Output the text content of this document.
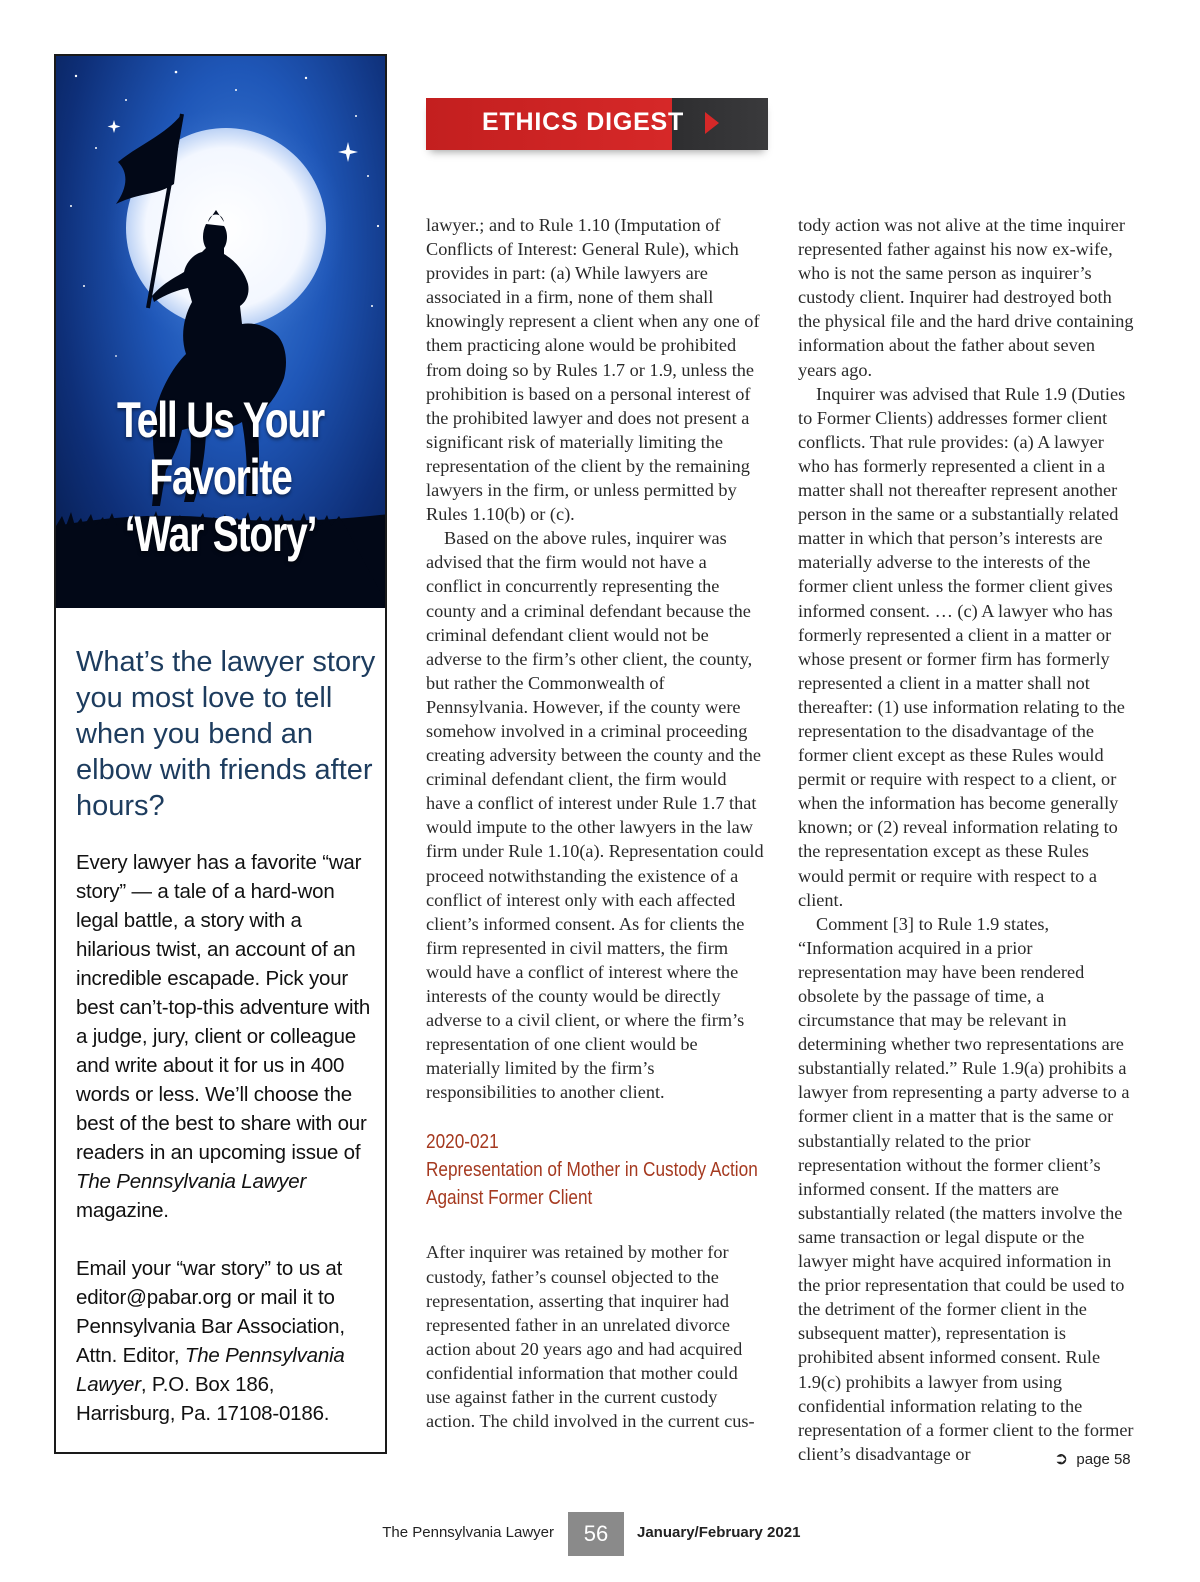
Tell Us Your
Favorite
‘War Story’
What’s the lawyer story you most love to tell when you bend an elbow with friends after hours?

Every lawyer has a favorite “war story” — a tale of a hard-won legal battle, a story with a hilarious twist, an account of an incredible escapade. Pick your best can’t-top-this adventure with a judge, jury, client or colleague and write about it for us in 400 words or less. We’ll choose the best of the best to share with our readers in an upcoming issue of The Pennsylvania Lawyer magazine.

Email your “war story” to us at editor@pabar.org or mail it to Pennsylvania Bar Association, Attn. Editor, The Pennsylvania Lawyer, P.O. Box 186, Harrisburg, Pa. 17108-0186.

ETHICS DIGEST

lawyer.; and to Rule 1.10 (Imputation of Conflicts of Interest: General Rule), which provides in part: (a) While lawyers are associated in a firm, none of them shall knowingly represent a client when any one of them practicing alone would be prohibited from doing so by Rules 1.7 or 1.9, unless the prohibition is based on a personal interest of the prohibited lawyer and does not present a significant risk of materially limiting the representation of the client by the remaining lawyers in the firm, or unless permitted by Rules 1.10(b) or (c).

Based on the above rules, inquirer was advised that the firm would not have a conflict in concurrently representing the county and a criminal defendant because the criminal defendant client would not be adverse to the firm’s other client, the county, but rather the Commonwealth of Pennsylvania. However, if the county were somehow involved in a criminal proceeding creating adversity between the county and the criminal defendant client, the firm would have a conflict of interest under Rule 1.7 that would impute to the other lawyers in the law firm under Rule 1.10(a). Representation could proceed notwithstanding the existence of a conflict of interest only with each affected client’s informed consent. As for clients the firm represented in civil matters, the firm would have a conflict of interest where the interests of the county would be directly adverse to a civil client, or where the firm’s representation of one client would be materially limited by the firm’s responsibilities to another client.

2020-021
Representation of Mother in Custody Action
Against Former Client

After inquirer was retained by mother for custody, father’s counsel objected to the representation, asserting that inquirer had represented father in an unrelated divorce action about 20 years ago and had acquired confidential information that mother could use against father in the current custody action. The child involved in the current cus-

tody action was not alive at the time inquirer represented father against his now ex-wife, who is not the same person as inquirer’s custody client. Inquirer had destroyed both the physical file and the hard drive containing information about the father about seven years ago.

Inquirer was advised that Rule 1.9 (Duties to Former Clients) addresses former client conflicts. That rule provides: (a) A lawyer who has formerly represented a client in a matter shall not thereafter represent another person in the same or a substantially related matter in which that person’s interests are materially adverse to the interests of the former client unless the former client gives informed consent. … (c) A lawyer who has formerly represented a client in a matter or whose present or former firm has formerly represented a client in a matter shall not thereafter: (1) use information relating to the representation to the disadvantage of the former client except as these Rules would permit or require with respect to a client, or when the information has become generally known; or (2) reveal information relating to the representation except as these Rules would permit or require with respect to a client.

Comment [3] to Rule 1.9 states, “Information acquired in a prior representation may have been rendered obsolete by the passage of time, a circumstance that may be relevant in determining whether two representations are substantially related.” Rule 1.9(a) prohibits a lawyer from representing a party adverse to a former client in a matter that is the same or substantially related to the prior representation without the former client’s informed consent. If the matters are substantially related (the matters involve the same transaction or legal dispute or the lawyer might have acquired information in the prior representation that could be used to the detriment of the former client in the subsequent matter), representation is prohibited absent informed consent. Rule 1.9(c) prohibits a lawyer from using confidential information relating to the representation of a former client to the former client’s disadvantage or	➲ page 58
The Pennsylvania Lawyer	56	January/February 2021
